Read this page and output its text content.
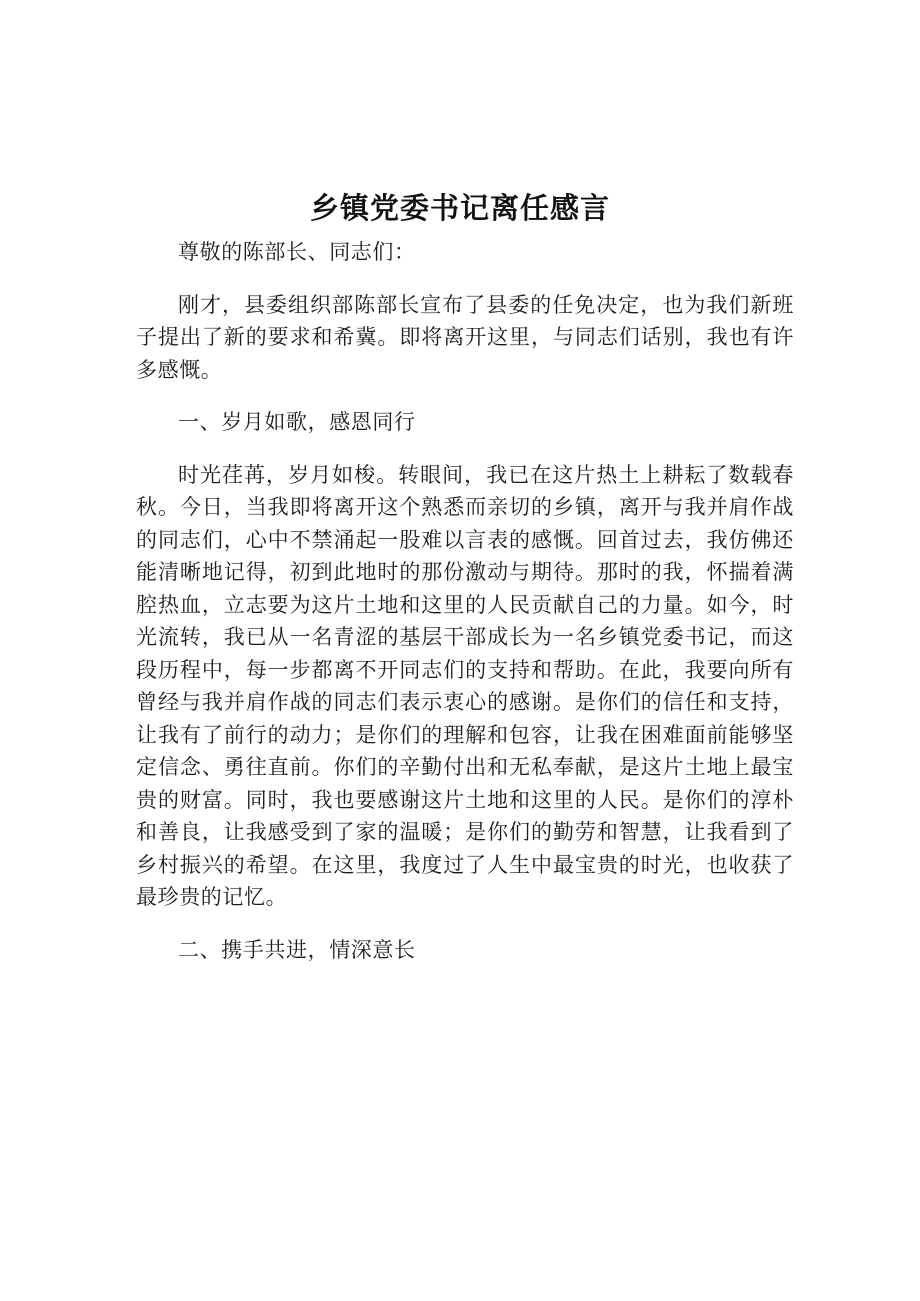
乡镇党委书记离任感言

尊敬的陈部长、同志们：

刚才，县委组织部陈部长宣布了县委的任免决定，也为我们新班子提出了新的要求和希冀。即将离开这里，与同志们话别，我也有许多感慨。

一、岁月如歌，感恩同行

时光荏苒，岁月如梭。转眼间，我已在这片热土上耕耘了数载春秋。今日，当我即将离开这个熟悉而亲切的乡镇，离开与我并肩作战的同志们，心中不禁涌起一股难以言表的感慨。回首过去，我仿佛还能清晰地记得，初到此地时的那份激动与期待。那时的我，怀揣着满腔热血，立志要为这片土地和这里的人民贡献自己的力量。如今，时光流转，我已从一名青涩的基层干部成长为一名乡镇党委书记，而这段历程中，每一步都离不开同志们的支持和帮助。在此，我要向所有曾经与我并肩作战的同志们表示衷心的感谢。是你们的信任和支持，让我有了前行的动力；是你们的理解和包容，让我在困难面前能够坚定信念、勇往直前。你们的辛勤付出和无私奉献，是这片土地上最宝贵的财富。同时，我也要感谢这片土地和这里的人民。是你们的淳朴和善良，让我感受到了家的温暖；是你们的勤劳和智慧，让我看到了乡村振兴的希望。在这里，我度过了人生中最宝贵的时光，也收获了最珍贵的记忆。

二、携手共进，情深意长
